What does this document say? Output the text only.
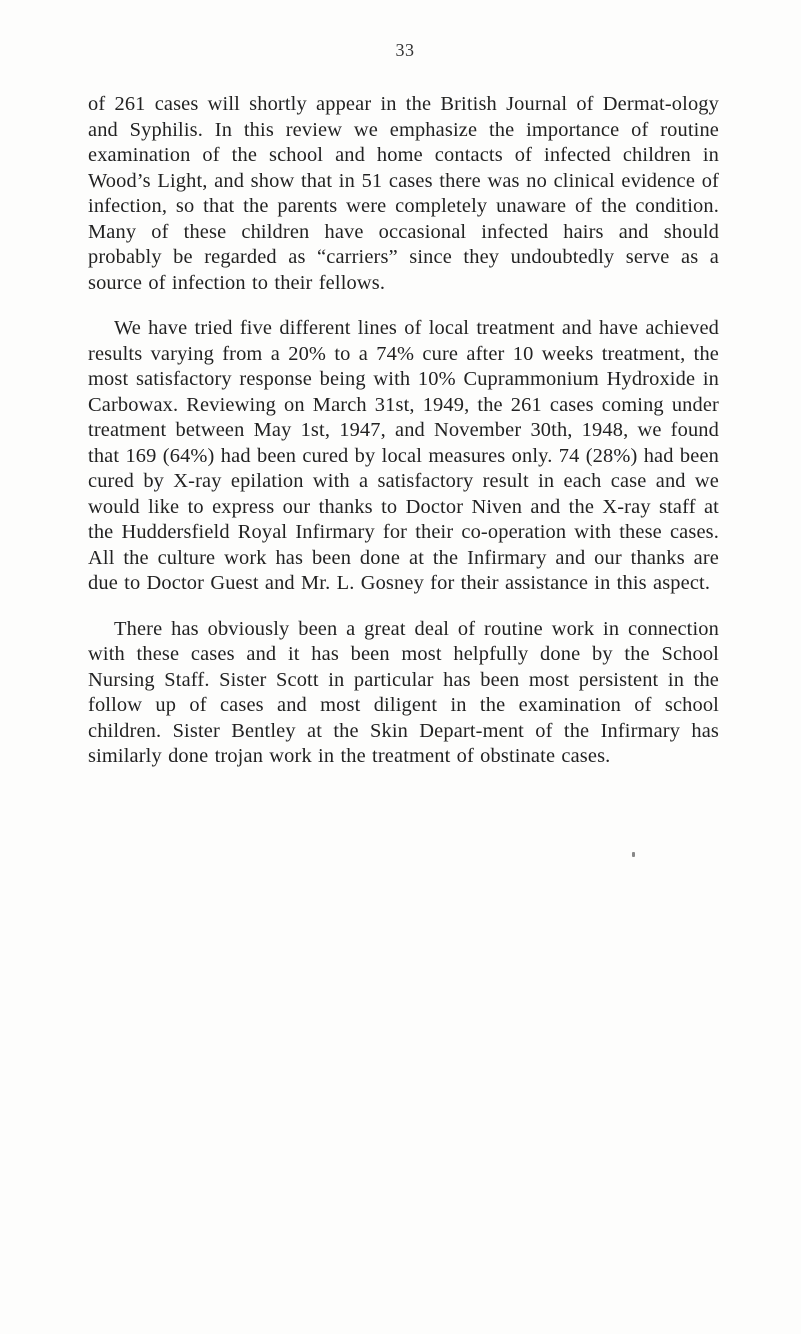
33

of 261 cases will shortly appear in the British Journal of Dermat-ology and Syphilis. In this review we emphasize the importance of routine examination of the school and home contacts of infected children in Wood’s Light, and show that in 51 cases there was no clinical evidence of infection, so that the parents were completely unaware of the condition. Many of these children have occasional infected hairs and should probably be regarded as “carriers” since they undoubtedly serve as a source of infection to their fellows.

We have tried five different lines of local treatment and have achieved results varying from a 20% to a 74% cure after 10 weeks treatment, the most satisfactory response being with 10% Cuprammonium Hydroxide in Carbowax. Reviewing on March 31st, 1949, the 261 cases coming under treatment between May 1st, 1947, and November 30th, 1948, we found that 169 (64%) had been cured by local measures only. 74 (28%) had been cured by X-ray epilation with a satisfactory result in each case and we would like to express our thanks to Doctor Niven and the X-ray staff at the Huddersfield Royal Infirmary for their co-operation with these cases. All the culture work has been done at the Infirmary and our thanks are due to Doctor Guest and Mr. L. Gosney for their assistance in this aspect.

There has obviously been a great deal of routine work in connection with these cases and it has been most helpfully done by the School Nursing Staff. Sister Scott in particular has been most persistent in the follow up of cases and most diligent in the examination of school children. Sister Bentley at the Skin Depart-ment of the Infirmary has similarly done trojan work in the treatment of obstinate cases.
